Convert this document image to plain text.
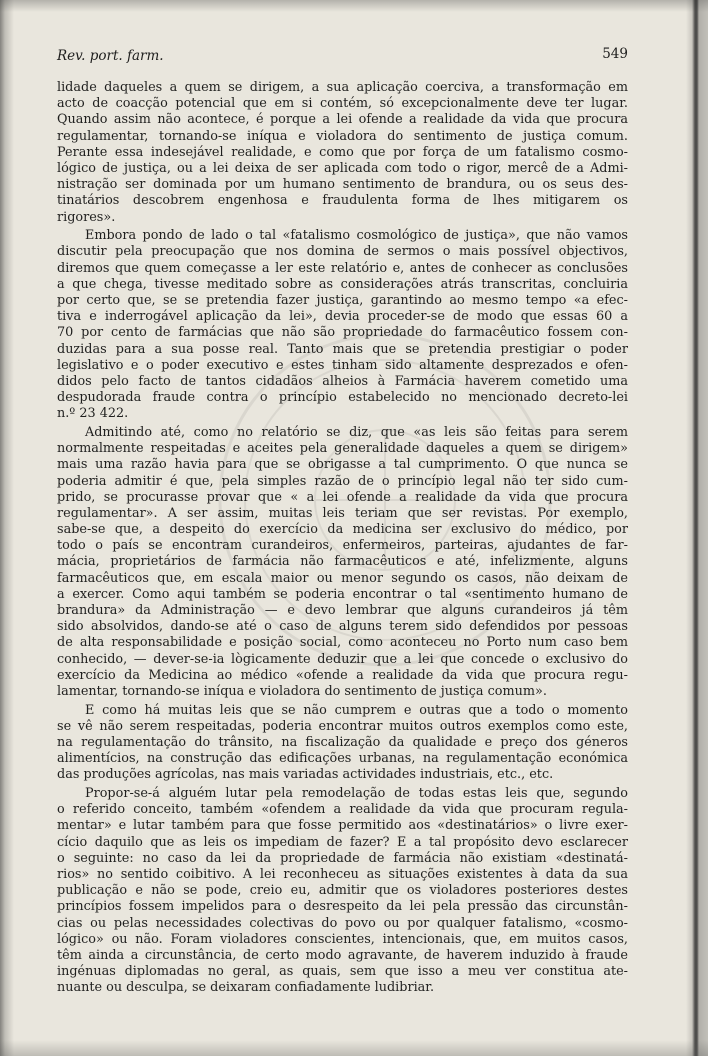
Rev. port. farm.	549
lidade daqueles a quem se dirigem, a sua aplicação coerciva, a transformação em
acto de coacção potencial que em si contém, só excepcionalmente deve ter lugar.
Quando assim não acontece, é porque a lei ofende a realidade da vida que procura
regulamentar, tornando-se iníqua e violadora do sentimento de justiça comum.
Perante essa indesejável realidade, e como que por força de um fatalismo cosmo-
lógico de justiça, ou a lei deixa de ser aplicada com todo o rigor, mercê de a Admi-
nistração ser dominada por um humano sentimento de brandura, ou os seus des-
tinatários descobrem engenhosa e fraudulenta forma de lhes mitigarem os
rigores».
Embora pondo de lado o tal «fatalismo cosmológico de justiça», que não vamos
discutir pela preocupação que nos domina de sermos o mais possível objectivos,
diremos que quem começasse a ler este relatório e, antes de conhecer as conclusões
a que chega, tivesse meditado sobre as considerações atrás transcritas, concluiria
por certo que, se se pretendia fazer justiça, garantindo ao mesmo tempo «a efec-
tiva e inderrogável aplicação da lei», devia proceder-se de modo que essas 60 a
70 por cento de farmácias que não são propriedade do farmacêutico fossem con-
duzidas para a sua posse real. Tanto mais que se pretendia prestigiar o poder
legislativo e o poder executivo e estes tinham sido altamente desprezados e ofen-
didos pelo facto de tantos cidadãos alheios à Farmácia haverem cometido uma
despudorada fraude contra o princípio estabelecido no mencionado decreto-lei
n.º 23 422.
Admitindo até, como no relatório se diz, que «as leis são feitas para serem
normalmente respeitadas e aceites pela generalidade daqueles a quem se dirigem»
mais uma razão havia para que se obrigasse a tal cumprimento. O que nunca se
poderia admitir é que, pela simples razão de o princípio legal não ter sido cum-
prido, se procurasse provar que « a lei ofende a realidade da vida que procura
regulamentar». A ser assim, muitas leis teriam que ser revistas. Por exemplo,
sabe-se que, a despeito do exercício da medicina ser exclusivo do médico, por
todo o país se encontram curandeiros, enfermeiros, parteiras, ajudantes de far-
mácia, proprietários de farmácia não farmacêuticos e até, infelizmente, alguns
farmacêuticos que, em escala maior ou menor segundo os casos, não deixam de
a exercer. Como aqui também se poderia encontrar o tal «sentimento humano de
brandura» da Administração — e devo lembrar que alguns curandeiros já têm
sido absolvidos, dando-se até o caso de alguns terem sido defendidos por pessoas
de alta responsabilidade e posição social, como aconteceu no Porto num caso bem
conhecido, — dever-se-ia lògicamente deduzir que a lei que concede o exclusivo do
exercício da Medicina ao médico «ofende a realidade da vida que procura regu-
lamentar, tornando-se iníqua e violadora do sentimento de justiça comum».
E como há muitas leis que se não cumprem e outras que a todo o momento
se vê não serem respeitadas, poderia encontrar muitos outros exemplos como este,
na regulamentação do trânsito, na fiscalização da qualidade e preço dos géneros
alimentícios, na construção das edificações urbanas, na regulamentação económica
das produções agrícolas, nas mais variadas actividades industriais, etc., etc.
Propor-se-á alguém lutar pela remodelação de todas estas leis que, segundo
o referido conceito, também «ofendem a realidade da vida que procuram regula-
mentar» e lutar também para que fosse permitido aos «destinatários» o livre exer-
cício daquilo que as leis os impediam de fazer? E a tal propósito devo esclarecer
o seguinte: no caso da lei da propriedade de farmácia não existiam «destinatá-
rios» no sentido coibitivo. A lei reconheceu as situações existentes à data da sua
publicação e não se pode, creio eu, admitir que os violadores posteriores destes
princípios fossem impelidos para o desrespeito da lei pela pressão das circunstân-
cias ou pelas necessidades colectivas do povo ou por qualquer fatalismo, «cosmo-
lógico» ou não. Foram violadores conscientes, intencionais, que, em muitos casos,
têm ainda a circunstância, de certo modo agravante, de haverem induzido à fraude
ingénuas diplomadas no geral, as quais, sem que isso a meu ver constitua ate-
nuante ou desculpa, se deixaram confiadamente ludibriar.
